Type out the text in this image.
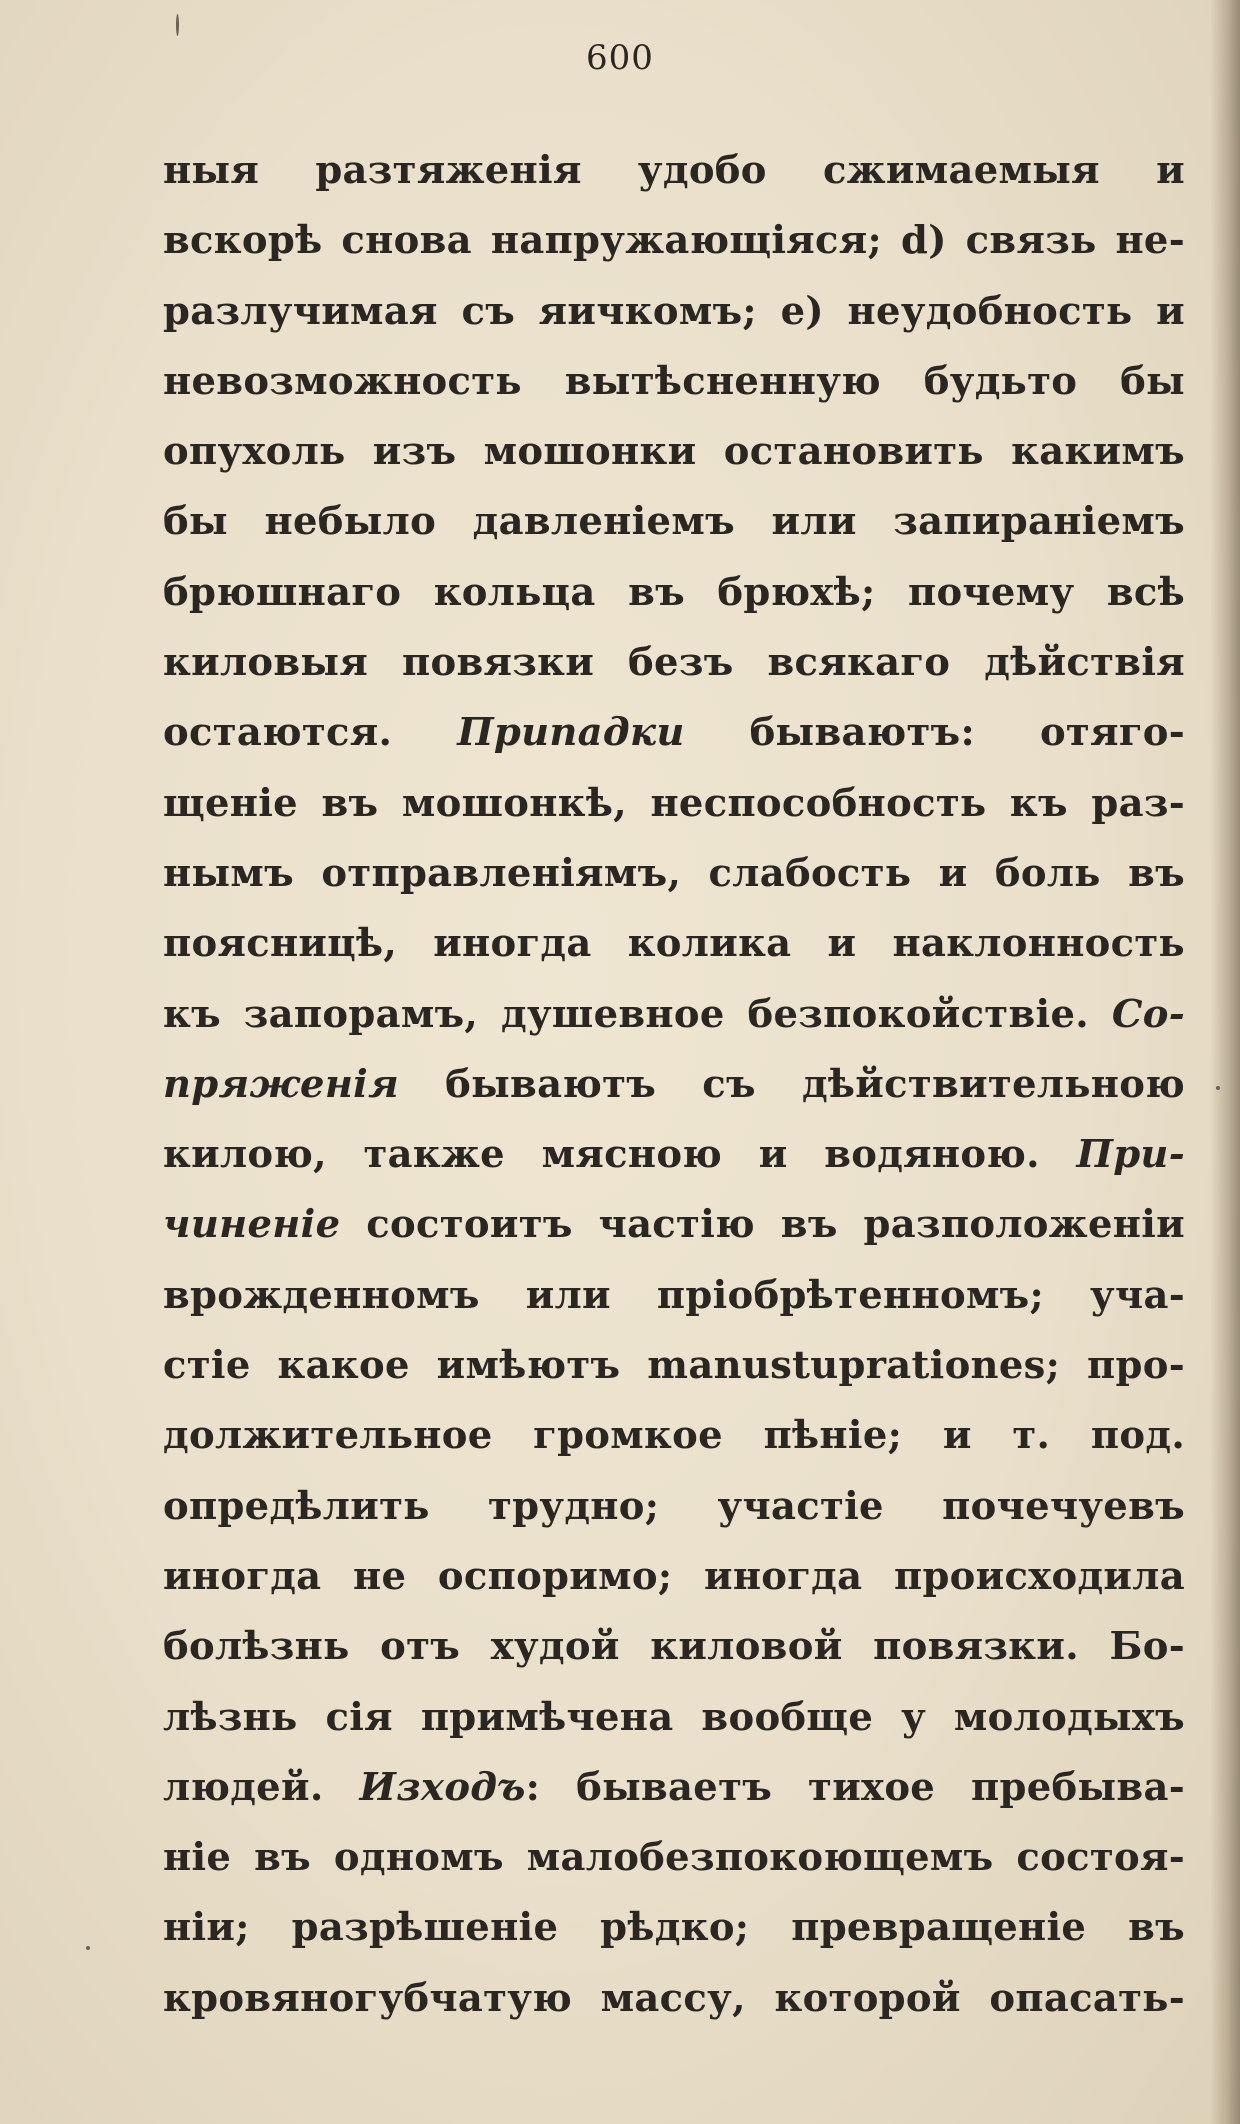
600
ныя разтяженія удобо сжимаемыя и
вскорѣ снова напружающіяся; d) связь не-
разлучимая съ яичкомъ; e) неудобность и
невозможность вытѣсненную будьто бы
опухоль изъ мошонки остановить какимъ
бы небыло давленіемъ или запираніемъ
брюшнаго кольца въ брюхѣ; почему всѣ
киловыя повязки безъ всякаго дѣйствія
остаются. Припадки бываютъ: отяго-
щеніе въ мошонкѣ, неспособность къ раз-
нымъ отправленіямъ, слабость и боль въ
поясницѣ, иногда колика и наклонность
къ запорамъ, душевное безпокойствіе. Со-
пряженія бываютъ съ дѣйствительною
килою, также мясною и водяною. При-
чиненіе состоитъ частію въ разположеніи
врожденномъ или пріобрѣтенномъ; уча-
стіе какое имѣютъ manustuprationes; про-
должительное громкое пѣніе; и т. под.
опредѣлить трудно; участіе почечуевъ
иногда не оспоримо; иногда происходила
болѣзнь отъ худой киловой повязки. Бо-
лѣзнь сія примѣчена вообще у молодыхъ
людей. Изходъ: бываетъ тихое пребыва-
ніе въ одномъ малобезпокоющемъ состоя-
ніи; разрѣшеніе рѣдко; превращеніе въ
кровяногубчатую массу, которой опасать-
